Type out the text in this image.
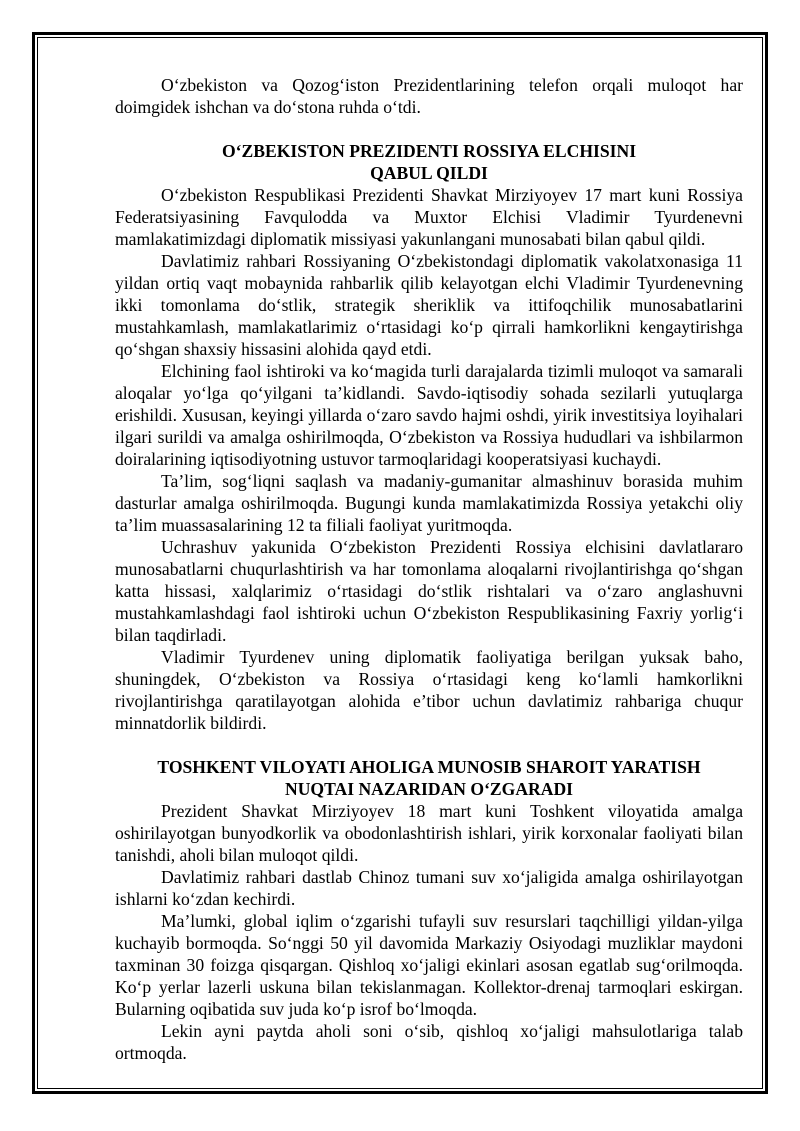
O‘zbekiston va Qozog‘iston Prezidentlarining telefon orqali muloqot har doimgidek ishchan va do‘stona ruhda o‘tdi.

O‘ZBEKISTON PREZIDENTI ROSSIYA ELCHISINI
QABUL QILDI

O‘zbekiston Respublikasi Prezidenti Shavkat Mirziyoyev 17 mart kuni Rossiya Federatsiyasining Favqulodda va Muxtor Elchisi Vladimir Tyurdenevni mamlakatimizdagi diplomatik missiyasi yakunlangani munosabati bilan qabul qildi.

Davlatimiz rahbari Rossiyaning O‘zbekistondagi diplomatik vakolatxonasiga 11 yildan ortiq vaqt mobaynida rahbarlik qilib kelayotgan elchi Vladimir Tyurdenevning ikki tomonlama do‘stlik, strategik sheriklik va ittifoqchilik munosabatlarini mustahkamlash, mamlakatlarimiz o‘rtasidagi ko‘p qirrali hamkorlikni kengaytirishga qo‘shgan shaxsiy hissasini alohida qayd etdi.

Elchining faol ishtiroki va ko‘magida turli darajalarda tizimli muloqot va samarali aloqalar yo‘lga qo‘yilgani ta’kidlandi. Savdo-iqtisodiy sohada sezilarli yutuqlarga erishildi. Xususan, keyingi yillarda o‘zaro savdo hajmi oshdi, yirik investitsiya loyihalari ilgari surildi va amalga oshirilmoqda, O‘zbekiston va Rossiya hududlari va ishbilarmon doiralarining iqtisodiyotning ustuvor tarmoqlaridagi kooperatsiyasi kuchaydi.

Ta’lim, sog‘liqni saqlash va madaniy-gumanitar almashinuv borasida muhim dasturlar amalga oshirilmoqda. Bugungi kunda mamlakatimizda Rossiya yetakchi oliy ta’lim muassasalarining 12 ta filiali faoliyat yuritmoqda.

Uchrashuv yakunida O‘zbekiston Prezidenti Rossiya elchisini davlatlararo munosabatlarni chuqurlashtirish va har tomonlama aloqalarni rivojlantirishga qo‘shgan katta hissasi, xalqlarimiz o‘rtasidagi do‘stlik rishtalari va o‘zaro anglashuvni mustahkamlashdagi faol ishtiroki uchun O‘zbekiston Respublikasining Faxriy yorlig‘i bilan taqdirladi.

Vladimir Tyurdenev uning diplomatik faoliyatiga berilgan yuksak baho, shuningdek, O‘zbekiston va Rossiya o‘rtasidagi keng ko‘lamli hamkorlikni rivojlantirishga qaratilayotgan alohida e’tibor uchun davlatimiz rahbariga chuqur minnatdorlik bildirdi.

TOSHKENT VILOYATI AHOLIGA MUNOSIB SHAROIT YARATISH
NUQTAI NAZARIDAN O‘ZGARADI

Prezident Shavkat Mirziyoyev 18 mart kuni Toshkent viloyatida amalga oshirilayotgan bunyodkorlik va obodonlashtirish ishlari, yirik korxonalar faoliyati bilan tanishdi, aholi bilan muloqot qildi.

Davlatimiz rahbari dastlab Chinoz tumani suv xo‘jaligida amalga oshirilayotgan ishlarni ko‘zdan kechirdi.

Ma’lumki, global iqlim o‘zgarishi tufayli suv resurslari taqchilligi yildan-yilga kuchayib bormoqda. So‘nggi 50 yil davomida Markaziy Osiyodagi muzliklar maydoni taxminan 30 foizga qisqargan. Qishloq xo‘jaligi ekinlari asosan egatlab sug‘orilmoqda. Ko‘p yerlar lazerli uskuna bilan tekislanmagan. Kollektor-drenaj tarmoqlari eskirgan. Bularning oqibatida suv juda ko‘p isrof bo‘lmoqda.

Lekin ayni paytda aholi soni o‘sib, qishloq xo‘jaligi mahsulotlariga talab ortmoqda.
